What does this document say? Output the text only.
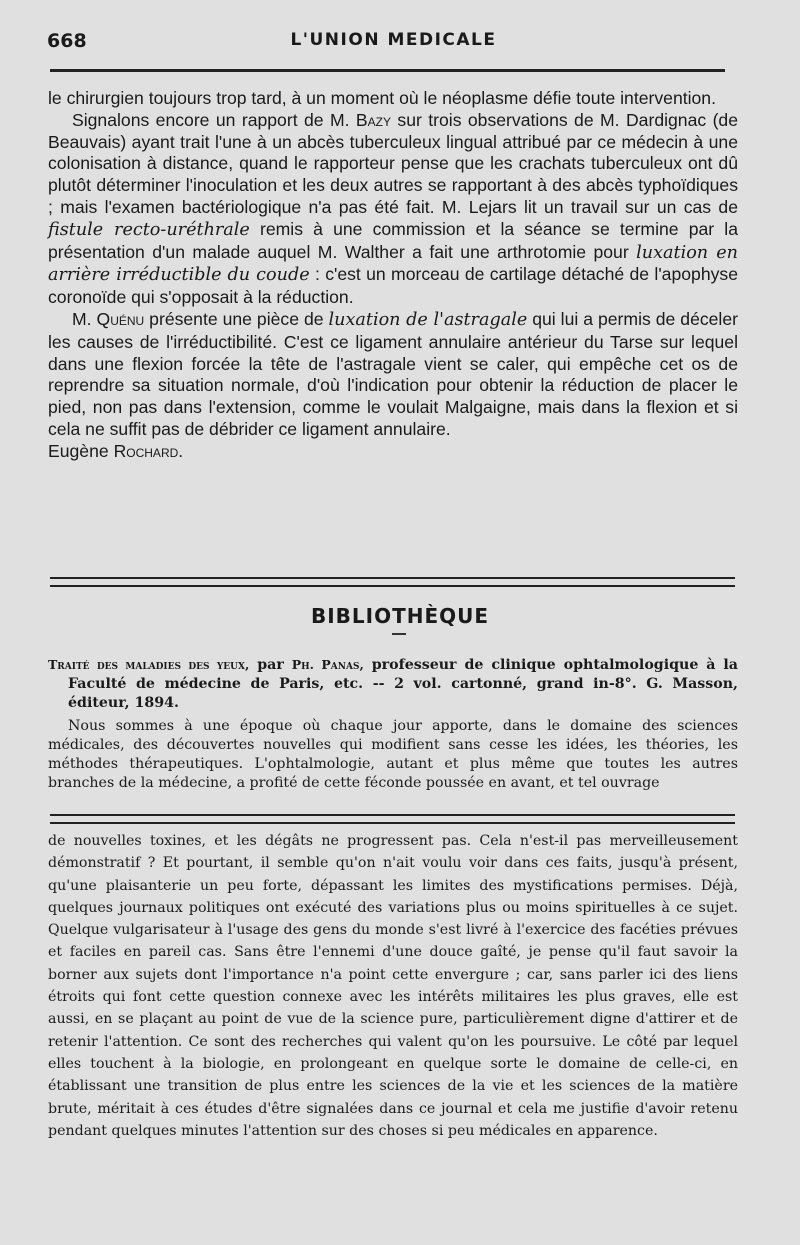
668	L'UNION MEDICALE

le chirurgien toujours trop tard, à un moment où le néoplasme défie toute intervention.

Signalons encore un rapport de M. Bazy sur trois observations de M. Dardignac (de Beauvais) ayant trait l'une à un abcès tuberculeux lingual attribué par ce médecin à une colonisation à distance, quand le rapporteur pense que les crachats tuberculeux ont dû plutôt déterminer l'inoculation et les deux autres se rapportant à des abcès typhoïdiques ; mais l'examen bactériologique n'a pas été fait. M. Lejars lit un travail sur un cas de fistule recto-uréthrale remis à une commission et la séance se termine par la présentation d'un malade auquel M. Walther a fait une arthrotomie pour luxation en arrière irréductible du coude : c'est un morceau de cartilage détaché de l'apophyse coronoïde qui s'opposait à la réduction.

M. Quénu présente une pièce de luxation de l'astragale qui lui a permis de déceler les causes de l'irréductibilité. C'est ce ligament annulaire antérieur du Tarse sur lequel dans une flexion forcée la tête de l'astragale vient se caler, qui empêche cet os de reprendre sa situation normale, d'où l'indication pour obtenir la réduction de placer le pied, non pas dans l'extension, comme le voulait Malgaigne, mais dans la flexion et si cela ne suffit pas de débrider ce ligament annulaire.

Eugène Rochard.

BIBLIOTHÈQUE

Traité des maladies des yeux, par Ph. Panas, professeur de clinique ophtalmologique à la Faculté de médecine de Paris, etc. -- 2 vol. cartonné, grand in-8°. G. Masson, éditeur, 1894.

Nous sommes à une époque où chaque jour apporte, dans le domaine des sciences médicales, des découvertes nouvelles qui modifient sans cesse les idées, les théories, les méthodes thérapeutiques. L'ophtalmologie, autant et plus même que toutes les autres branches de la médecine, a profité de cette féconde poussée en avant, et tel ouvrage

de nouvelles toxines, et les dégâts ne progressent pas. Cela n'est-il pas merveilleusement démonstratif ? Et pourtant, il semble qu'on n'ait voulu voir dans ces faits, jusqu'à présent, qu'une plaisanterie un peu forte, dépassant les limites des mystifications permises. Déjà, quelques journaux politiques ont exécuté des variations plus ou moins spirituelles à ce sujet. Quelque vulgarisateur à l'usage des gens du monde s'est livré à l'exercice des facéties prévues et faciles en pareil cas. Sans être l'ennemi d'une douce gaîté, je pense qu'il faut savoir la borner aux sujets dont l'importance n'a point cette envergure ; car, sans parler ici des liens étroits qui font cette question connexe avec les intérêts militaires les plus graves, elle est aussi, en se plaçant au point de vue de la science pure, particulièrement digne d'attirer et de retenir l'attention. Ce sont des recherches qui valent qu'on les poursuive. Le côté par lequel elles touchent à la biologie, en prolongeant en quelque sorte le domaine de celle-ci, en établissant une transition de plus entre les sciences de la vie et les sciences de la matière brute, méritait à ces études d'être signalées dans ce journal et cela me justifie d'avoir retenu pendant quelques minutes l'attention sur des choses si peu médicales en apparence.
